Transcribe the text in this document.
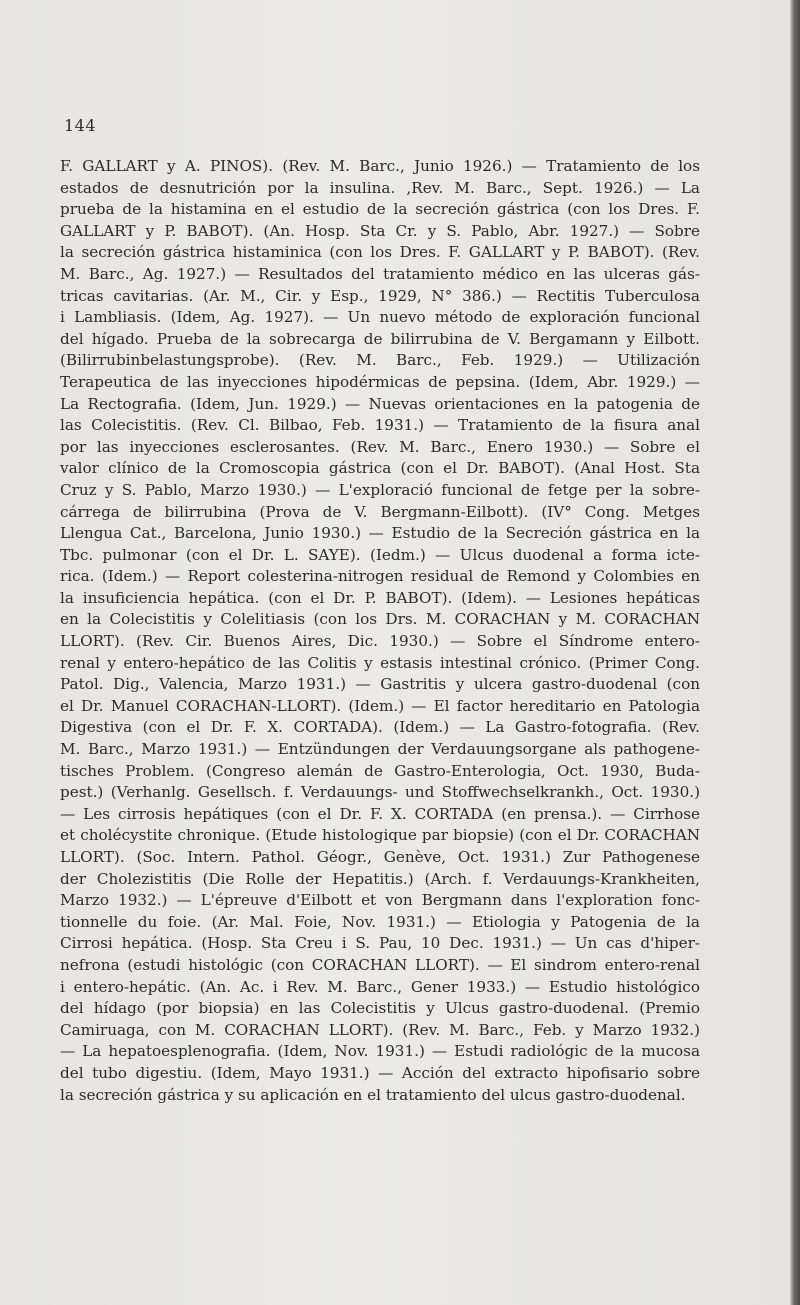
144
F. GALLART y A. PINOS). (Rev. M. Barc., Junio 1926.) — Tratamiento de los
estados de desnutrición por la insulina. ,Rev. M. Barc., Sept. 1926.) — La
prueba de la histamina en el estudio de la secreción gástrica (con los Dres. F.
GALLART y P. BABOT). (An. Hosp. Sta Cr. y S. Pablo, Abr. 1927.) — Sobre
la secreción gástrica histaminica (con los Dres. F. GALLART y P. BABOT). (Rev.
M. Barc., Ag. 1927.) — Resultados del tratamiento médico en las ulceras gás-
tricas cavitarias. (Ar. M., Cir. y Esp., 1929, N° 386.) — Rectitis Tuberculosa
i Lambliasis. (Idem, Ag. 1927). — Un nuevo método de exploración funcional
del hígado. Prueba de la sobrecarga de bilirrubina de V. Bergamann y Eilbott.
(Bilirrubinbelastungsprobe). (Rev. M. Barc., Feb. 1929.) — Utilización
Terapeutica de las inyecciones hipodérmicas de pepsina. (Idem, Abr. 1929.) —
La Rectografia. (Idem, Jun. 1929.) — Nuevas orientaciones en la patogenia de
las Colecistitis. (Rev. Cl. Bilbao, Feb. 1931.) — Tratamiento de la fisura anal
por las inyecciones esclerosantes. (Rev. M. Barc., Enero 1930.) — Sobre el
valor clínico de la Cromoscopia gástrica (con el Dr. BABOT). (Anal Host. Sta
Cruz y S. Pablo, Marzo 1930.) — L'exploració funcional de fetge per la sobre-
cárrega de bilirrubina (Prova de V. Bergmann-Eilbott). (IV° Cong. Metges
Llengua Cat., Barcelona, Junio 1930.) — Estudio de la Secreción gástrica en la
Tbc. pulmonar (con el Dr. L. SAYE). (Iedm.) — Ulcus duodenal a forma icte-
rica. (Idem.) — Report colesterina-nitrogen residual de Remond y Colombies en
la insuficiencia hepática. (con el Dr. P. BABOT). (Idem). — Lesiones hepáticas
en la Colecistitis y Colelitiasis (con los Drs. M. CORACHAN y M. CORACHAN
LLORT). (Rev. Cir. Buenos Aires, Dic. 1930.) — Sobre el Síndrome entero-
renal y entero-hepático de las Colitis y estasis intestinal crónico. (Primer Cong.
Patol. Dig., Valencia, Marzo 1931.) — Gastritis y ulcera gastro-duodenal (con
el Dr. Manuel CORACHAN-LLORT). (Idem.) — El factor hereditario en Patologia
Digestiva (con el Dr. F. X. CORTADA). (Idem.) — La Gastro-fotografia. (Rev.
M. Barc., Marzo 1931.) — Entzündungen der Verdauungsorgane als pathogene-
tisches Problem. (Congreso alemán de Gastro-Enterologia, Oct. 1930, Buda-
pest.) (Verhanlg. Gesellsch. f. Verdauungs- und Stoffwechselkrankh., Oct. 1930.)
— Les cirrosis hepátiques (con el Dr. F. X. CORTADA (en prensa.). — Cirrhose
et cholécystite chronique. (Etude histologique par biopsie) (con el Dr. CORACHAN
LLORT). (Soc. Intern. Pathol. Géogr., Genève, Oct. 1931.) Zur Pathogenese
der Cholezistitis (Die Rolle der Hepatitis.) (Arch. f. Verdauungs-Krankheiten,
Marzo 1932.) — L'épreuve d'Eilbott et von Bergmann dans l'exploration fonc-
tionnelle du foie. (Ar. Mal. Foie, Nov. 1931.) — Etiologia y Patogenia de la
Cirrosi hepática. (Hosp. Sta Creu i S. Pau, 10 Dec. 1931.) — Un cas d'hiper-
nefrona (estudi histológic (con CORACHAN LLORT). — El sindrom entero-renal
i entero-hepátic. (An. Ac. i Rev. M. Barc., Gener 1933.) — Estudio histológico
del hídago (por biopsia) en las Colecistitis y Ulcus gastro-duodenal. (Premio
Camiruaga, con M. CORACHAN LLORT). (Rev. M. Barc., Feb. y Marzo 1932.)
— La hepatoesplenografia. (Idem, Nov. 1931.) — Estudi radiológic de la mucosa
del tubo digestiu. (Idem, Mayo 1931.) — Acción del extracto hipofisario sobre
la secreción gástrica y su aplicación en el tratamiento del ulcus gastro-duodenal.
